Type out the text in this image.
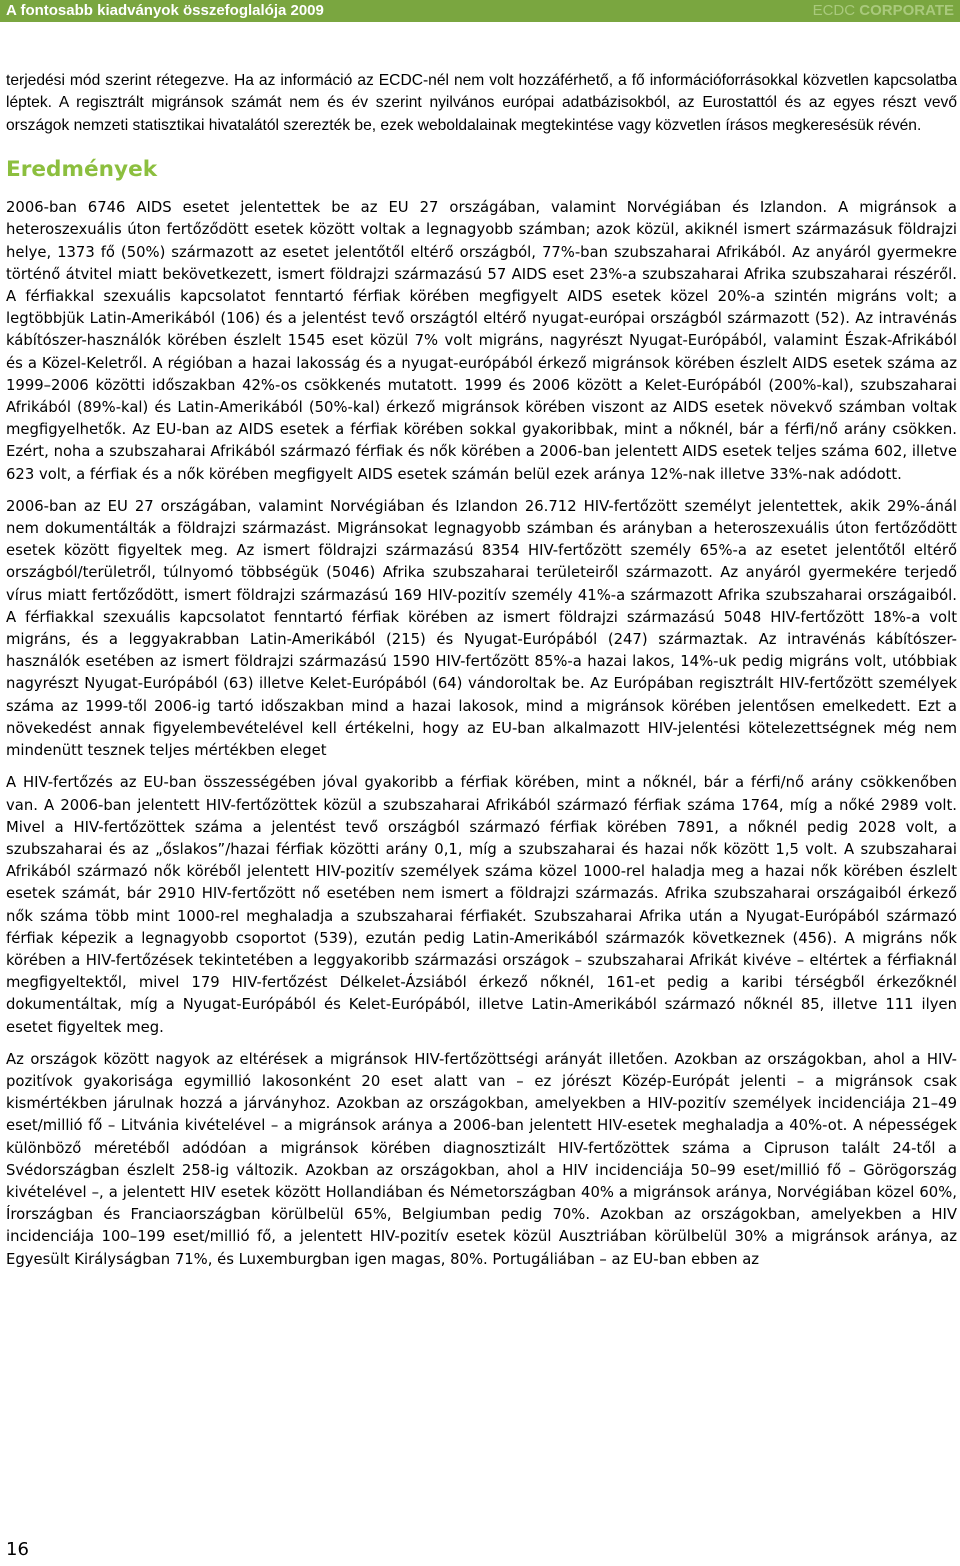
A fontosabb kiadványok összefoglalója 2009	ECDC CORPORATE

terjedési mód szerint rétegezve. Ha az információ az ECDC-nél nem volt hozzáférhető, a fő információforrásokkal közvetlen kapcsolatba léptek. A regisztrált migránsok számát nem és év szerint nyilvános európai adatbázisokból, az Eurostattól és az egyes részt vevő országok nemzeti statisztikai hivatalától szerezték be, ezek weboldalainak megtekintése vagy közvetlen írásos megkeresésük révén.

Eredmények

2006-ban 6746 AIDS esetet jelentettek be az EU 27 országában, valamint Norvégiában és Izlandon. A migránsok a heteroszexuális úton fertőződött esetek között voltak a legnagyobb számban; azok közül, akiknél ismert származásuk földrajzi helye, 1373 fő (50%) származott az esetet jelentőtől eltérő országból, 77%-ban szubszaharai Afrikából. Az anyáról gyermekre történő átvitel miatt bekövetkezett, ismert földrajzi származású 57 AIDS eset 23%-a szubszaharai Afrika szubszaharai részéről. A férfiakkal szexuális kapcsolatot fenntartó férfiak körében megfigyelt AIDS esetek közel 20%-a szintén migráns volt; a legtöbbjük Latin-Amerikából (106) és a jelentést tevő országtól eltérő nyugat-európai országból származott (52). Az intravénás kábítószer-használók körében észlelt 1545 eset közül 7% volt migráns, nagyrészt Nyugat-Európából, valamint Észak-Afrikából és a Közel-Keletről. A régióban a hazai lakosság és a nyugat-európából érkező migránsok körében észlelt AIDS esetek száma az 1999–2006 közötti időszakban 42%-os csökkenés mutatott. 1999 és 2006 között a Kelet-Európából (200%-kal), szubszaharai Afrikából (89%-kal) és Latin-Amerikából (50%-kal) érkező migránsok körében viszont az AIDS esetek növekvő számban voltak megfigyelhetők. Az EU-ban az AIDS esetek a férfiak körében sokkal gyakoribbak, mint a nőknél, bár a férfi/nő arány csökken. Ezért, noha a szubszaharai Afrikából származó férfiak és nők körében a 2006-ban jelentett AIDS esetek teljes száma 602, illetve 623 volt, a férfiak és a nők körében megfigyelt AIDS esetek számán belül ezek aránya 12%-nak illetve 33%-nak adódott.

2006-ban az EU 27 országában, valamint Norvégiában és Izlandon 26.712 HIV-fertőzött személyt jelentettek, akik 29%-ánál nem dokumentálták a földrajzi származást. Migránsokat legnagyobb számban és arányban a heteroszexuális úton fertőződött esetek között figyeltek meg. Az ismert földrajzi származású 8354 HIV-fertőzött személy 65%-a az esetet jelentőtől eltérő országból/területről, túlnyomó többségük (5046) Afrika szubszaharai területeiről származott. Az anyáról gyermekére terjedő vírus miatt fertőződött, ismert földrajzi származású 169 HIV-pozitív személy 41%-a származott Afrika szubszaharai országaiból. A férfiakkal szexuális kapcsolatot fenntartó férfiak körében az ismert földrajzi származású 5048 HIV-fertőzött 18%-a volt migráns, és a leggyakrabban Latin-Amerikából (215) és Nyugat-Európából (247) származtak. Az intravénás kábítószer-használók esetében az ismert földrajzi származású 1590 HIV-fertőzött 85%-a hazai lakos, 14%-uk pedig migráns volt, utóbbiak nagyrészt Nyugat-Európából (63) illetve Kelet-Európából (64) vándoroltak be. Az Európában regisztrált HIV-fertőzött személyek száma az 1999-től 2006-ig tartó időszakban mind a hazai lakosok, mind a migránsok körében jelentősen emelkedett. Ezt a növekedést annak figyelembevételével kell értékelni, hogy az EU-ban alkalmazott HIV-jelentési kötelezettségnek még nem mindenütt tesznek teljes mértékben eleget

A HIV-fertőzés az EU-ban összességében jóval gyakoribb a férfiak körében, mint a nőknél, bár a férfi/nő arány csökkenőben van. A 2006-ban jelentett HIV-fertőzöttek közül a szubszaharai Afrikából származó férfiak száma 1764, míg a nőké 2989 volt. Mivel a HIV-fertőzöttek száma a jelentést tevő országból származó férfiak körében 7891, a nőknél pedig 2028 volt, a szubszaharai és az „őslakos”/hazai férfiak közötti arány 0,1, míg a szubszaharai és hazai nők között 1,5 volt. A szubszaharai Afrikából származó nők köréből jelentett HIV-pozitív személyek száma közel 1000-rel haladja meg a hazai nők körében észlelt esetek számát, bár 2910 HIV-fertőzött nő esetében nem ismert a földrajzi származás. Afrika szubszaharai országaiból érkező nők száma több mint 1000-rel meghaladja a szubszaharai férfiakét. Szubszaharai Afrika után a Nyugat-Európából származó férfiak képezik a legnagyobb csoportot (539), ezután pedig Latin-Amerikából származók következnek (456). A migráns nők körében a HIV-fertőzések tekintetében a leggyakoribb származási országok – szubszaharai Afrikát kivéve – eltértek a férfiaknál megfigyeltektől, mivel 179 HIV-fertőzést Délkelet-Ázsiából érkező nőknél, 161-et pedig a karibi térségből érkezőknél dokumentáltak, míg a Nyugat-Európából és Kelet-Európából, illetve Latin-Amerikából származó nőknél 85, illetve 111 ilyen esetet figyeltek meg.

Az országok között nagyok az eltérések a migránsok HIV-fertőzöttségi arányát illetően. Azokban az országokban, ahol a HIV-pozitívok gyakorisága egymillió lakosonként 20 eset alatt van – ez jórészt Közép-Európát jelenti – a migránsok csak kismértékben járulnak hozzá a járványhoz. Azokban az országokban, amelyekben a HIV-pozitív személyek incidenciája 21–49 eset/millió fő – Litvánia kivételével – a migránsok aránya a 2006-ban jelentett HIV-esetek meghaladja a 40%-ot. A népességek különböző méretéből adódóan a migránsok körében diagnosztizált HIV-fertőzöttek száma a Cipruson talált 24-től a Svédországban észlelt 258-ig változik. Azokban az országokban, ahol a HIV incidenciája 50–99 eset/millió fő – Görögország kivételével –, a jelentett HIV esetek között Hollandiában és Németországban 40% a migránsok aránya, Norvégiában közel 60%, Írországban és Franciaországban körülbelül 65%, Belgiumban pedig 70%. Azokban az országokban, amelyekben a HIV incidenciája 100–199 eset/millió fő, a jelentett HIV-pozitív esetek közül Ausztriában körülbelül 30% a migránsok aránya, az Egyesült Királyságban 71%, és Luxemburgban igen magas, 80%. Portugáliában – az EU-ban ebben az

16
